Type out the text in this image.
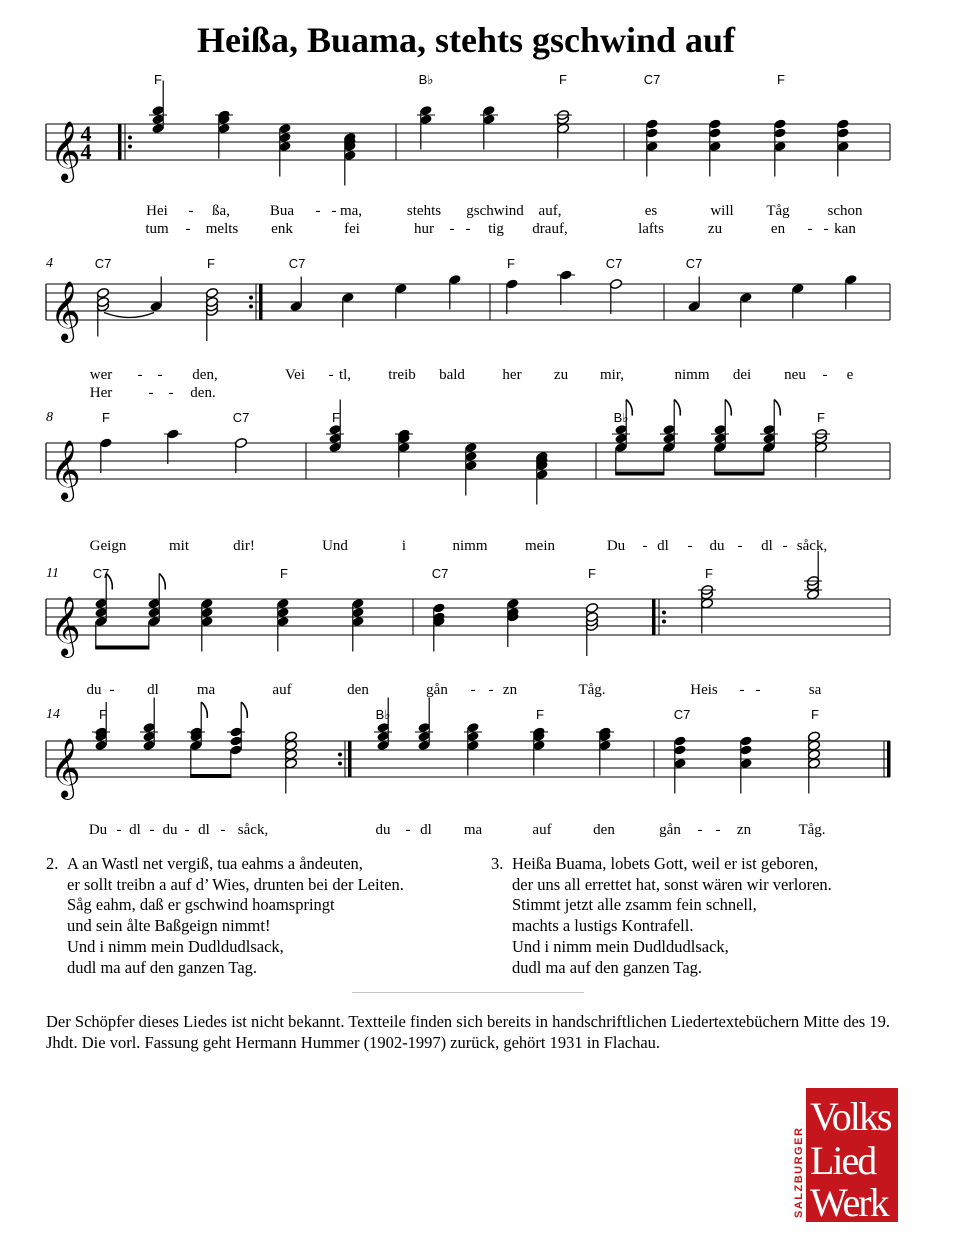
Heißa, Buama, stehts gschwind auf
𝄞 4
4
F	B♭	F	C7	F
Hei - ßa,	Bua - - ma,	stehts gschwind auf,	es	will Tåg	schon
tum - melts enk	fei	hur - - tig drauf,	lafts	zu	en - - kan
𝄞
C7	F	C7	F	C7	C7
4
wer - - den,	Vei - tl, treib bald	her zu mir,	nimm dei neu - e
Her - - den.
𝄞
F	C7	F	B♭	F
8
Geign	mit	dir!	Und	i	nimm mein	Du - dl - du - dl - såck,
𝄞
C7	F	C7	F	F
11
du - dl	ma	auf	den	gån - - zn	Tåg.	Heis - -	sa
𝄞
F	B♭	F	C7	F
14
Du - dl - du - dl - såck,	du - dl ma	auf	den	gån - - zn	Tåg.
2. A an Wastl net vergiß, tua eahms a åndeuten,
er sollt treibn a auf d’ Wies, drunten bei der Leiten.
Såg eahm, daß er gschwind hoamspringt
und sein ålte Baßgeign nimmt!
Und i nimm mein Dudldudlsack,
dudl ma auf den ganzen Tag.
3. Heißa Buama, lobets Gott, weil er ist geboren,
der uns all errettet hat, sonst wären wir verloren.
Stimmt jetzt alle zsamm fein schnell,
machts a lustigs Kontrafell.
Und i nimm mein Dudldudlsack,
dudl ma auf den ganzen Tag.
Der Schöpfer dieses Liedes ist nicht bekannt. Textteile finden sich bereits in handschriftlichen Liedertextebüchern Mitte des 19. Jhdt. Die vorl. Fassung geht Hermann Hummer (1902-1997) zurück, gehört 1931 in Flachau.
SALZBURGER
Volks
Lied
Werk
